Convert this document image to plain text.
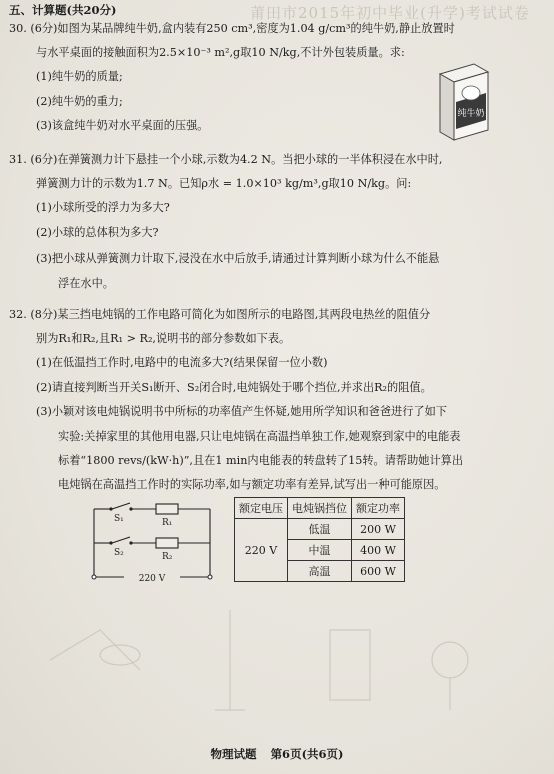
莆田市2015年初中毕业(升学)考试试卷
五、计算题(共20分)
30. (6分)如图为某品牌纯牛奶,盒内装有250 cm³,密度为1.04 g/cm³的纯牛奶,静止放置时
与水平桌面的接触面积为2.5×10⁻³ m²,g取10 N/kg,不计外包装质量。求:
(1)纯牛奶的质量;
(2)纯牛奶的重力;
(3)该盒纯牛奶对水平桌面的压强。
纯牛奶
31. (6分)在弹簧测力计下悬挂一个小球,示数为4.2 N。当把小球的一半体积浸在水中时,
弹簧测力计的示数为1.7 N。已知ρ水 = 1.0×10³ kg/m³,g取10 N/kg。问:
(1)小球所受的浮力为多大?
(2)小球的总体积为多大?
(3)把小球从弹簧测力计取下,浸没在水中后放手,请通过计算判断小球为什么不能悬
浮在水中。
32. (8分)某三挡电炖锅的工作电路可简化为如图所示的电路图,其两段电热丝的阻值分
别为R₁和R₂,且R₁ > R₂,说明书的部分参数如下表。
(1)在低温挡工作时,电路中的电流多大?(结果保留一位小数)
(2)请直接判断当开关S₁断开、S₂闭合时,电炖锅处于哪个挡位,并求出R₂的阻值。
(3)小颖对该电炖锅说明书中所标的功率值产生怀疑,她用所学知识和爸爸进行了如下
实验:关掉家里的其他用电器,只让电炖锅在高温挡单独工作,她观察到家中的电能表
标着“1800 revs/(kW·h)”,且在1 min内电能表的转盘转了15转。请帮助她计算出
电炖锅在高温挡工作时的实际功率,如与额定功率有差异,试写出一种可能原因。
S₁	R₁
S₂	R₂
220 V
额定电压	电炖锅挡位	额定功率
220 V	低温	200 W
	中温	400 W
	高温	600 W
物理试题 第6页(共6页)
